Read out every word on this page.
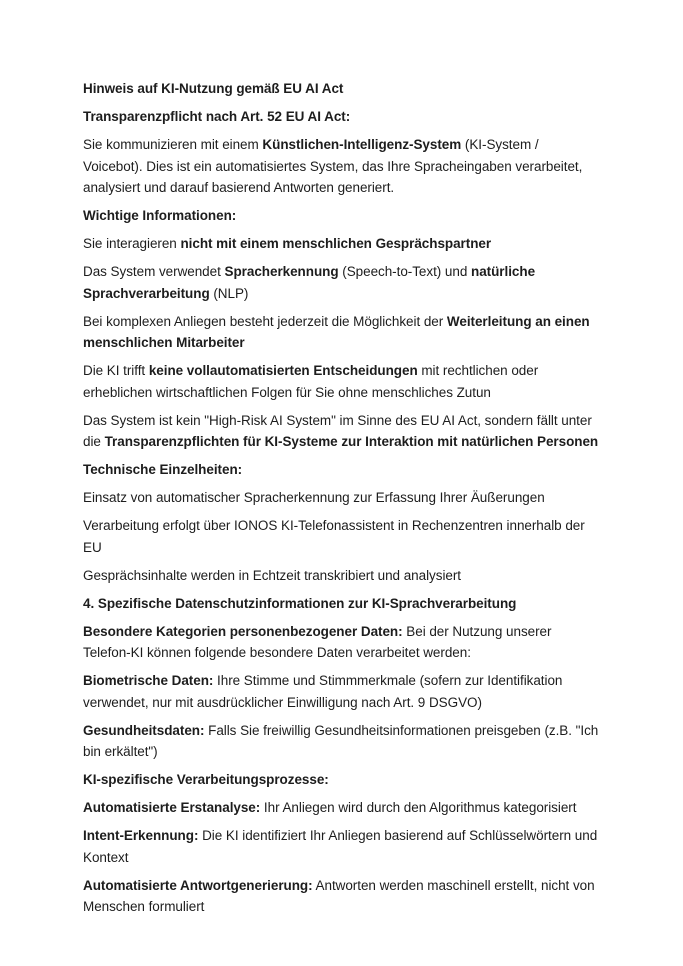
Hinweis auf KI-Nutzung gemäß EU AI Act

Transparenzpflicht nach Art. 52 EU AI Act:

Sie kommunizieren mit einem Künstlichen-Intelligenz-System (KI-System / Voicebot). Dies ist ein automatisiertes System, das Ihre Spracheingaben verarbeitet, analysiert und darauf basierend Antworten generiert.

Wichtige Informationen:

Sie interagieren nicht mit einem menschlichen Gesprächspartner

Das System verwendet Spracherkennung (Speech-to-Text) und natürliche Sprachverarbeitung (NLP)

Bei komplexen Anliegen besteht jederzeit die Möglichkeit der Weiterleitung an einen menschlichen Mitarbeiter

Die KI trifft keine vollautomatisierten Entscheidungen mit rechtlichen oder erheblichen wirtschaftlichen Folgen für Sie ohne menschliches Zutun

Das System ist kein "High-Risk AI System" im Sinne des EU AI Act, sondern fällt unter die Transparenzpflichten für KI-Systeme zur Interaktion mit natürlichen Personen

Technische Einzelheiten:

Einsatz von automatischer Spracherkennung zur Erfassung Ihrer Äußerungen

Verarbeitung erfolgt über IONOS KI-Telefonassistent in Rechenzentren innerhalb der EU

Gesprächsinhalte werden in Echtzeit transkribiert und analysiert

4. Spezifische Datenschutzinformationen zur KI-Sprachverarbeitung

Besondere Kategorien personenbezogener Daten: Bei der Nutzung unserer Telefon-KI können folgende besondere Daten verarbeitet werden:

Biometrische Daten: Ihre Stimme und Stimmmerkmale (sofern zur Identifikation verwendet, nur mit ausdrücklicher Einwilligung nach Art. 9 DSGVO)

Gesundheitsdaten: Falls Sie freiwillig Gesundheitsinformationen preisgeben (z.B. "Ich bin erkältet")

KI-spezifische Verarbeitungsprozesse:

Automatisierte Erstanalyse: Ihr Anliegen wird durch den Algorithmus kategorisiert

Intent-Erkennung: Die KI identifiziert Ihr Anliegen basierend auf Schlüsselwörtern und Kontext

Automatisierte Antwortgenerierung: Antworten werden maschinell erstellt, nicht von Menschen formuliert
